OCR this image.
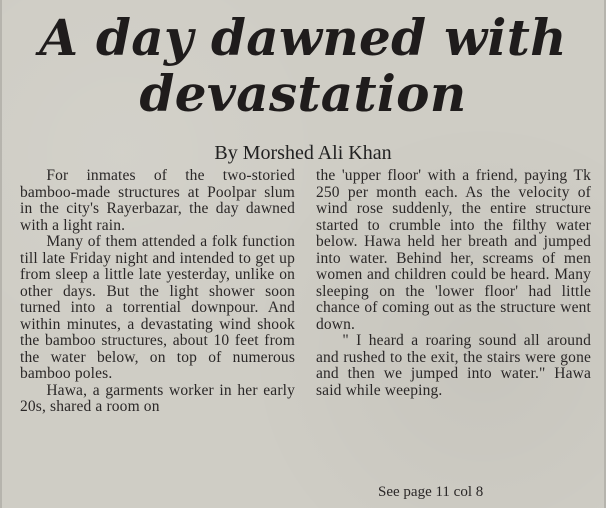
A day dawned with
devastation
By Morshed Ali Khan

For inmates of the two-storied bamboo-made structures at Poolpar slum in the city's Rayerbazar, the day dawned with a light rain.

Many of them attended a folk function till late Friday night and intended to get up from sleep a little late yesterday, unlike on other days. But the light shower soon turned into a torrential downpour. And within minutes, a devastating wind shook the bamboo structures, about 10 feet from the water below, on top of numerous bamboo poles.

Hawa, a garments worker in her early 20s, shared a room on

the 'upper floor' with a friend, paying Tk 250 per month each. As the velocity of wind rose suddenly, the entire structure started to crumble into the filthy water below. Hawa held her breath and jumped into water. Behind her, screams of men women and children could be heard. Many sleeping on the 'lower floor' had little chance of coming out as the structure went down.

" I heard a roaring sound all around and rushed to the exit, the stairs were gone and then we jumped into water." Hawa said while weeping.

See page 11 col 8
